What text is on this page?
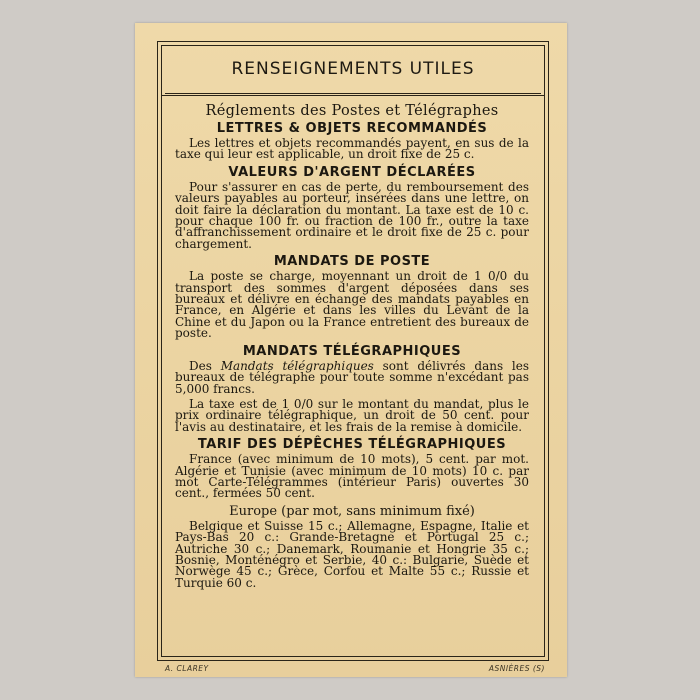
RENSEIGNEMENTS UTILES
Réglements des Postes et Télégraphes
LETTRES & OBJETS RECOMMANDÉS

Les lettres et objets recommandés payent, en sus de la taxe qui leur est applicable, un droit fixe de 25 c.

VALEURS D'ARGENT DÉCLARÉES

Pour s'assurer en cas de perte, du remboursement des valeurs payables au porteur, insérées dans une lettre, on doit faire la déclaration du montant. La taxe est de 10 c. pour chaque 100 fr. ou fraction de 100 fr., outre la taxe d'affranchissement ordinaire et le droit fixe de 25 c. pour chargement.

MANDATS DE POSTE

La poste se charge, moyennant un droit de 1 0/0 du transport des sommes d'argent déposées dans ses bureaux et délivre en échange des mandats payables en France, en Algérie et dans les villes du Levant de la Chine et du Japon ou la France entretient des bureaux de poste.

MANDATS TÉLÉGRAPHIQUES

Des Mandats télégraphiques sont délivrés dans les bureaux de télégraphe pour toute somme n'excédant pas 5,000 francs.

La taxe est de 1 0/0 sur le montant du mandat, plus le prix ordinaire télégraphique, un droit de 50 cent. pour l'avis au destinataire, et les frais de la remise à domicile.

TARIF DES DÉPÊCHES TÉLÉGRAPHIQUES

France (avec minimum de 10 mots), 5 cent. par mot. Algérie et Tunisie (avec minimum de 10 mots) 10 c. par mot Carte-Télégrammes (intérieur Paris) ouvertes 30 cent., fermées 50 cent.

Europe (par mot, sans minimum fixé)

Belgique et Suisse 15 c.; Allemagne, Espagne, Italie et Pays-Bas 20 c.: Grande-Bretagne et Portugal 25 c.; Autriche 30 c.; Danemark, Roumanie et Hongrie 35 c.; Bosnie, Monténégro et Serbie, 40 c.: Bulgarie, Suède et Norwège 45 c.; Grèce, Corfou et Malte 55 c.; Russie et Turquie 60 c.

A. CLAREY	ASNIÈRES (S)
